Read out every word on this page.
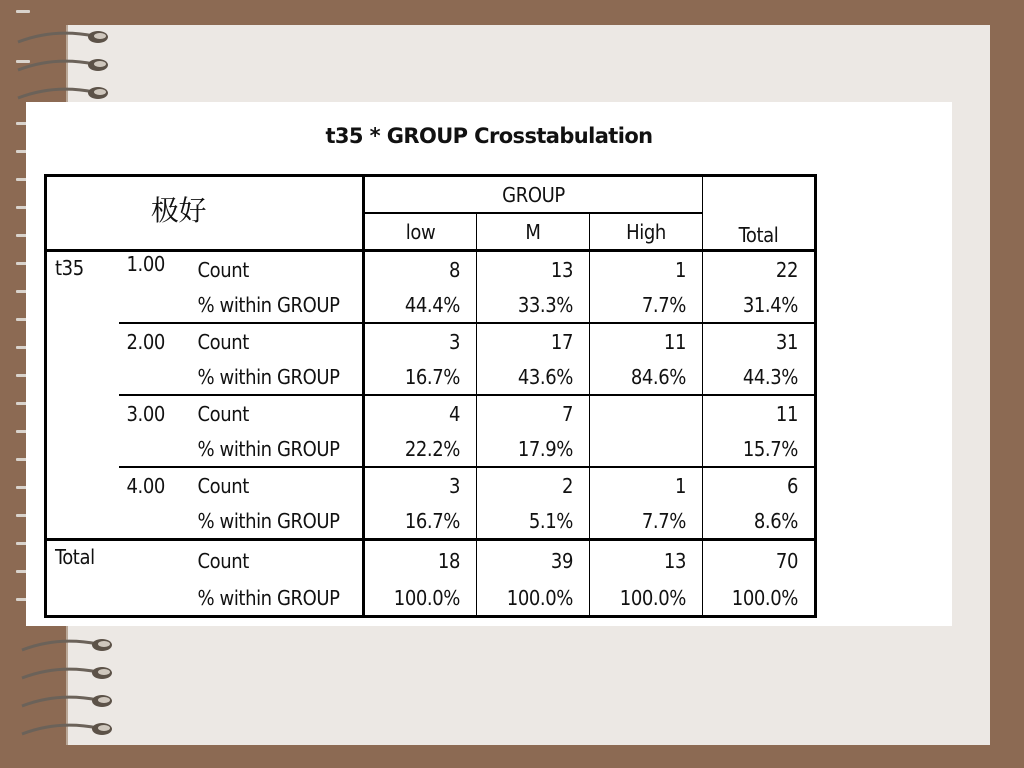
t35 * GROUP Crosstabulation
极好			GROUP			Total
			low	M	High	
t35	1.00	Count	8	13	1	22
		% within GROUP	44.4%	33.3%	7.7%	31.4%
	2.00	Count	3	17	11	31
		% within GROUP	16.7%	43.6%	84.6%	44.3%
	3.00	Count	4	7		11
		% within GROUP	22.2%	17.9%		15.7%
	4.00	Count	3	2	1	6
		% within GROUP	16.7%	5.1%	7.7%	8.6%
Total		Count	18	39	13	70
		% within GROUP	100.0%	100.0%	100.0%	100.0%
